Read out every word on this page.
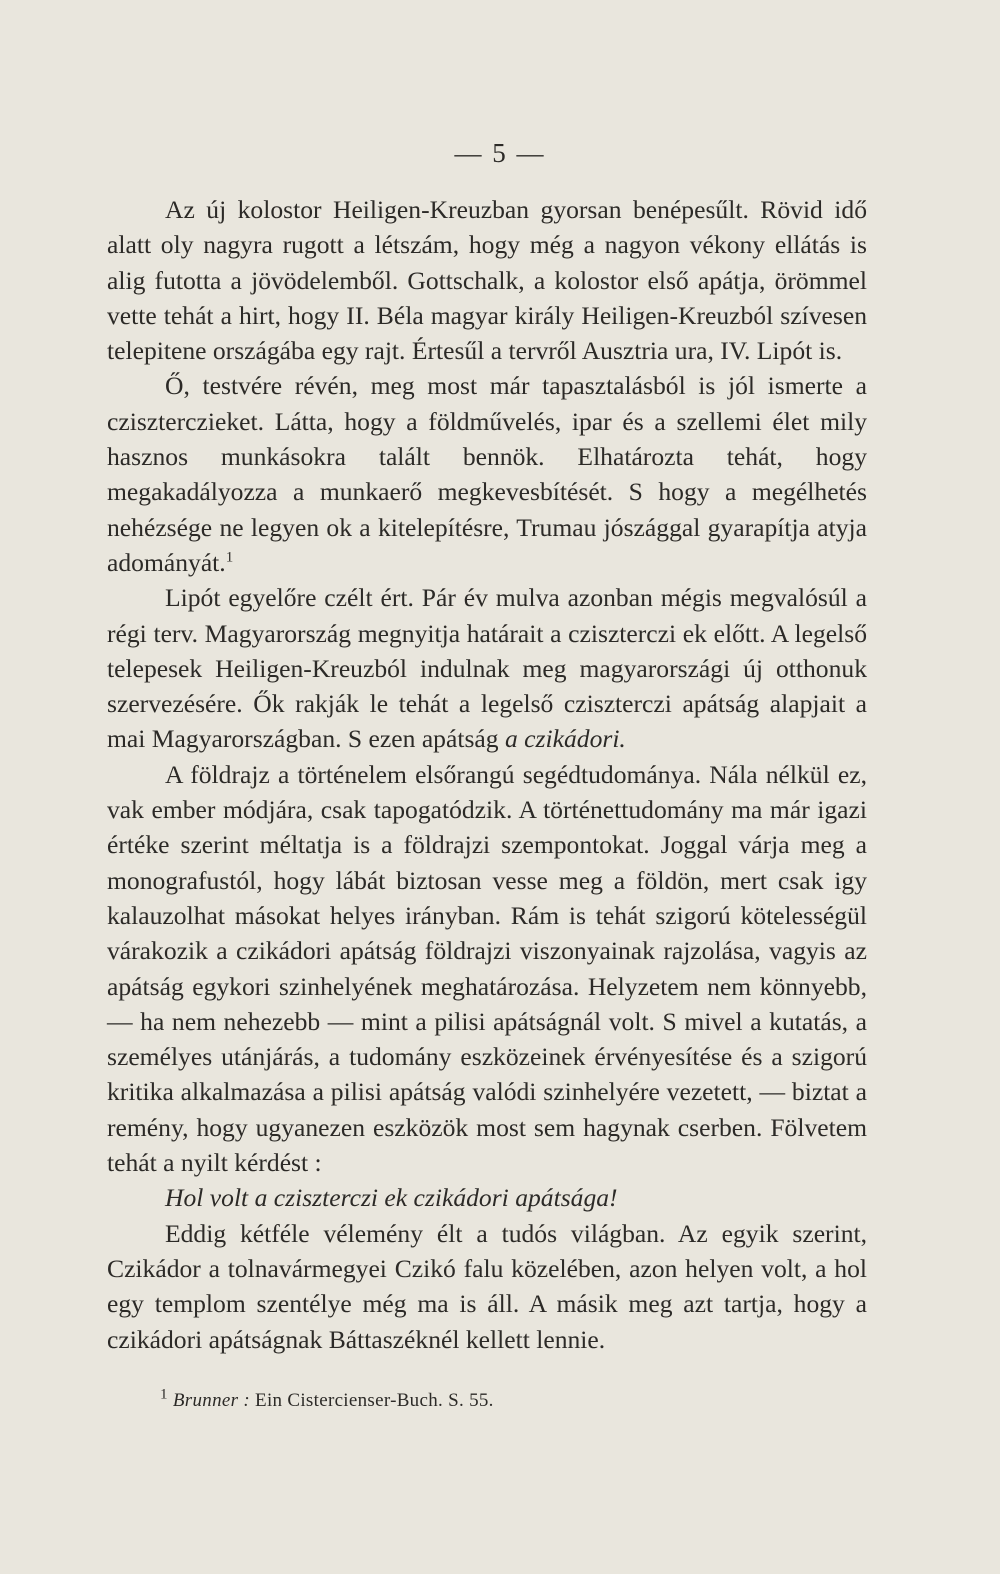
— 5 —

Az új kolostor Heiligen-Kreuzban gyorsan benépesűlt. Rövid idő alatt oly nagyra rugott a létszám, hogy még a nagyon vékony ellátás is alig futotta a jövödelemből. Gottschalk, a kolostor első apátja, örömmel vette tehát a hirt, hogy II. Béla magyar király Heiligen-Kreuzból szívesen telepitene országába egy rajt. Értesűl a tervről Ausztria ura, IV. Lipót is.

Ő, testvére révén, meg most már tapasztalásból is jól ismerte a cziszterczieket. Látta, hogy a földművelés, ipar és a szellemi élet mily hasznos munkásokra talált bennök. Elhatározta tehát, hogy megakadályozza a munkaerő megkevesbítését. S hogy a megélhetés nehézsége ne legyen ok a kitelepítésre, Trumau jószággal gyarapítja atyja adományát.$^1$

Lipót egyelőre czélt ért. Pár év mulva azonban mégis megvalósúl a régi terv. Magyarország megnyitja határait a cziszterczi ek előtt. A legelső telepesek Heiligen-Kreuzból indulnak meg magyarországi új otthonuk szervezésére. Ők rakják le tehát a legelső cziszterczi apátság alapjait a mai Magyarországban. S ezen apátság a czikádori.

A földrajz a történelem elsőrangú segédtudománya. Nála nélkül ez, vak ember módjára, csak tapogatódzik. A történettudomány ma már igazi értéke szerint méltatja is a földrajzi szempontokat. Joggal várja meg a monografustól, hogy lábát biztosan vesse meg a földön, mert csak igy kalauzolhat másokat helyes irányban. Rám is tehát szigorú kötelességül várakozik a czikádori apátság földrajzi viszonyainak rajzolása, vagyis az apátság egykori szinhelyének meghatározása. Helyzetem nem könnyebb, — ha nem nehezebb — mint a pilisi apátságnál volt. S mivel a kutatás, a személyes utánjárás, a tudomány eszközeinek érvényesítése és a szigorú kritika alkalmazása a pilisi apátság valódi szinhelyére vezetett, — biztat a remény, hogy ugyanezen eszközök most sem hagynak cserben. Fölvetem tehát a nyilt kérdést :

Hol volt a cziszterczi ek czikádori apátsága!

Eddig kétféle vélemény élt a tudós világban. Az egyik szerint, Czikádor a tolnavármegyei Czikó falu közelében, azon helyen volt, a hol egy templom szentélye még ma is áll. A másik meg azt tartja, hogy a czikádori apátságnak Báttaszéknél kellett lennie.

$^1$ Brunner : Ein Cistercienser-Buch. S. 55.
